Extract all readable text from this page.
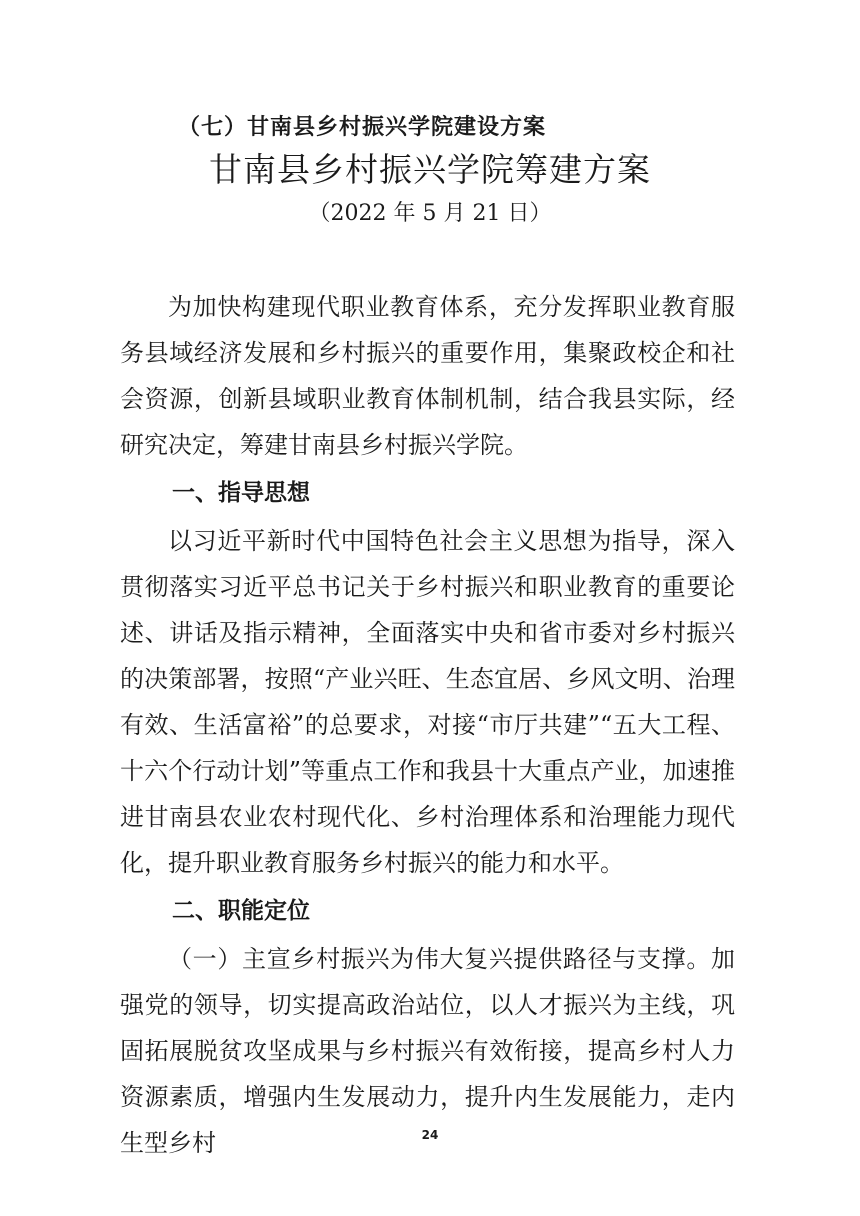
（七）甘南县乡村振兴学院建设方案
甘南县乡村振兴学院筹建方案
（2022 年 5 月 21 日）

为加快构建现代职业教育体系，充分发挥职业教育服务县域经济发展和乡村振兴的重要作用，集聚政校企和社会资源，创新县域职业教育体制机制，结合我县实际，经研究决定，筹建甘南县乡村振兴学院。

一、指导思想

以习近平新时代中国特色社会主义思想为指导，深入贯彻落实习近平总书记关于乡村振兴和职业教育的重要论述、讲话及指示精神，全面落实中央和省市委对乡村振兴的决策部署，按照“产业兴旺、生态宜居、乡风文明、治理有效、生活富裕”的总要求，对接“市厅共建”“五大工程、十六个行动计划”等重点工作和我县十大重点产业，加速推进甘南县农业农村现代化、乡村治理体系和治理能力现代化，提升职业教育服务乡村振兴的能力和水平。

二、职能定位

（一）主宣乡村振兴为伟大复兴提供路径与支撑。加强党的领导，切实提高政治站位，以人才振兴为主线，巩固拓展脱贫攻坚成果与乡村振兴有效衔接，提高乡村人力资源素质，增强内生发展动力，提升内生发展能力，走内生型乡村	24
